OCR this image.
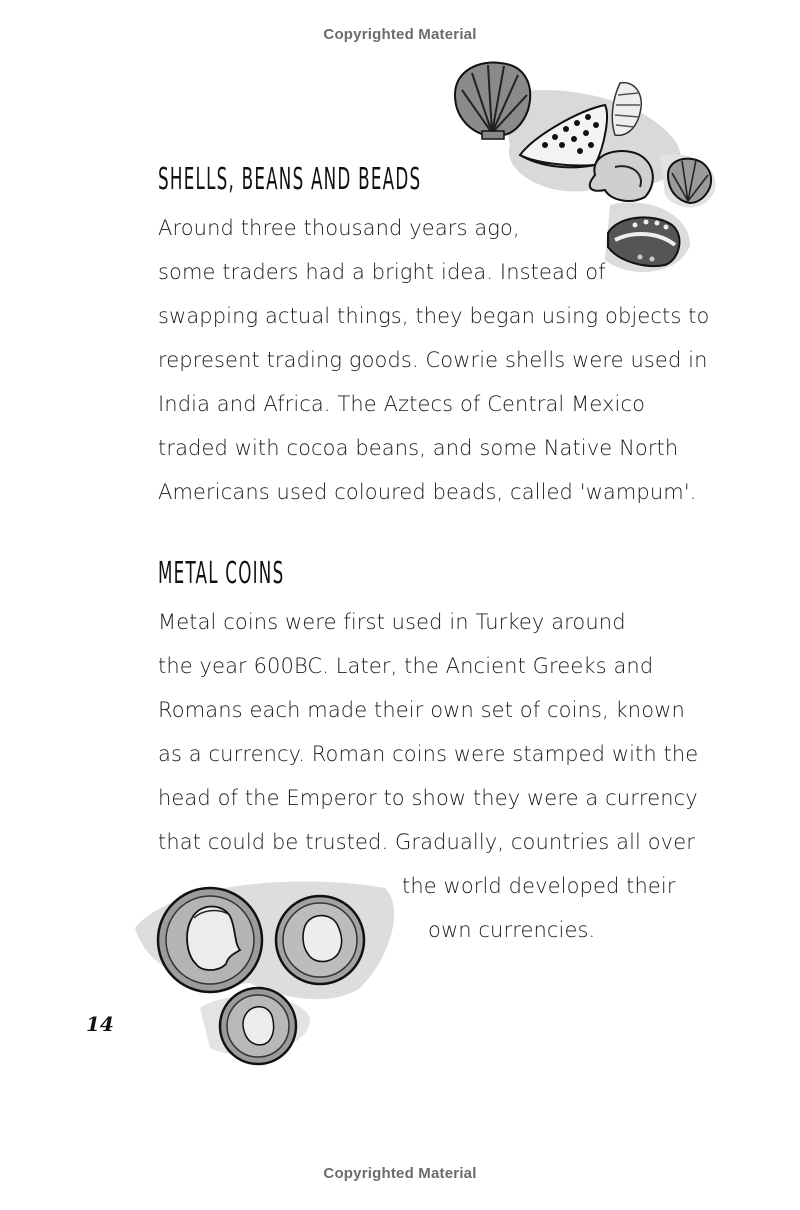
Copyrighted Material
SHELLS, BEANS AND BEADS

Around three thousand years ago,

some traders had a bright idea. Instead of

swapping actual things, they began using objects to

represent trading goods. Cowrie shells were used in

India and Africa. The Aztecs of Central Mexico

traded with cocoa beans, and some Native North

Americans used coloured beads, called 'wampum'.

METAL COINS

Metal coins were first used in Turkey around

the year 600BC. Later, the Ancient Greeks and

Romans each made their own set of coins, known

as a currency. Roman coins were stamped with the

head of the Emperor to show they were a currency

that could be trusted. Gradually, countries all over

the world developed their

own currencies.

14
Copyrighted Material
